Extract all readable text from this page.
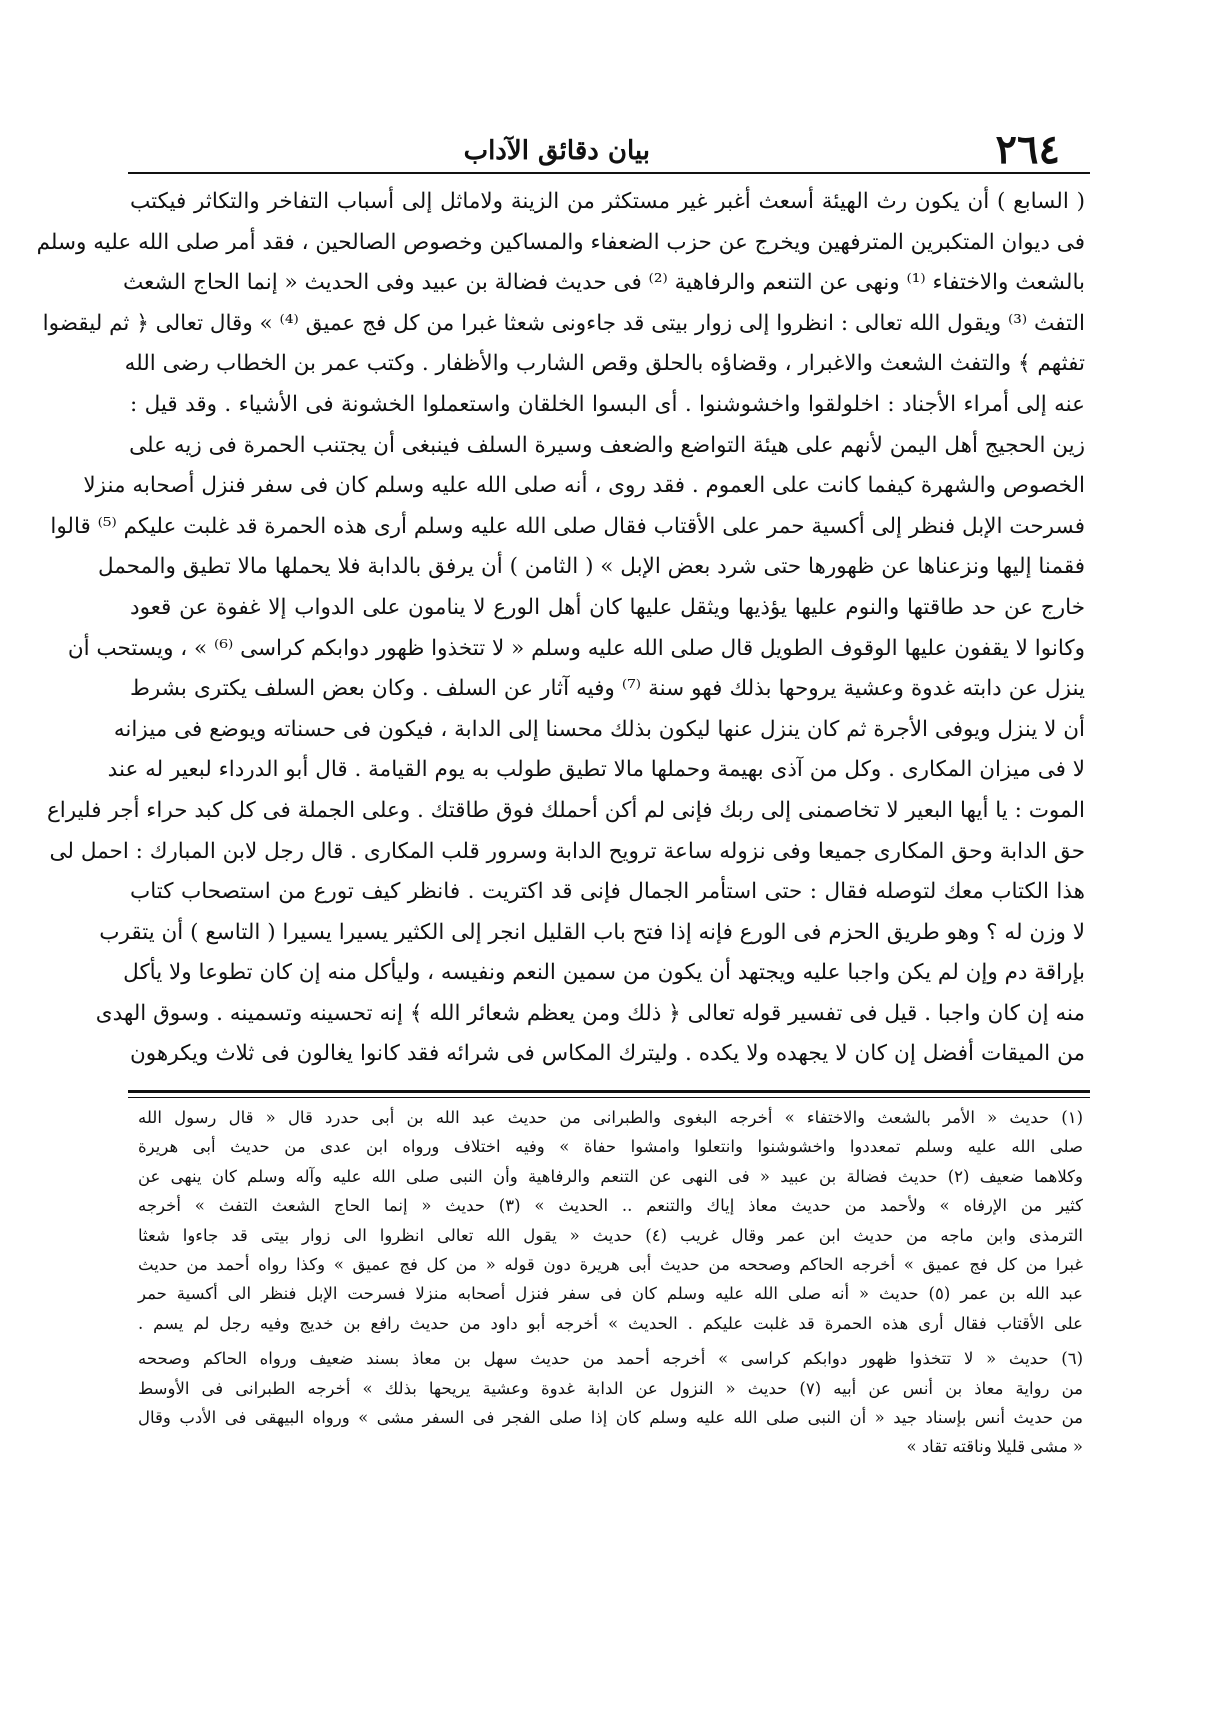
٢٦٤
بيان دقائق الآداب
( السابع ) أن يكون رث الهيئة أسعث أغبر غير مستكثر من الزينة ولاماثل إلى أسباب التفاخر والتكاثر فيكتب
فى ديوان المتكبرين المترفهين ويخرج عن حزب الضعفاء والمساكين وخصوص الصالحين ، فقد أمر صلى الله عليه وسلم
بالشعث والاختفاء ⁽¹⁾ ونهى عن التنعم والرفاهية ⁽²⁾ فى حديث فضالة بن عبيد وفى الحديث « إنما الحاج الشعث
التفث ⁽³⁾ ويقول الله تعالى : انظروا إلى زوار بيتى قد جاءونى شعثا غبرا من كل فج عميق ⁽⁴⁾ » وقال تعالى ﴿ ثم ليقضوا
تفثهم ﴾ والتفث الشعث والاغبرار ، وقضاؤه بالحلق وقص الشارب والأظفار . وكتب عمر بن الخطاب رضى الله
عنه إلى أمراء الأجناد : اخلولقوا واخشوشنوا . أى البسوا الخلقان واستعملوا الخشونة فى الأشياء . وقد قيل :
زين الحجيج أهل اليمن لأنهم على هيئة التواضع والضعف وسيرة السلف فينبغى أن يجتنب الحمرة فى زيه على
الخصوص والشهرة كيفما كانت على العموم . فقد روى ، أنه صلى الله عليه وسلم كان فى سفر فنزل أصحابه منزلا
فسرحت الإبل فنظر إلى أكسية حمر على الأقتاب فقال صلى الله عليه وسلم أرى هذه الحمرة قد غلبت عليكم ⁽⁵⁾ قالوا
فقمنا إليها ونزعناها عن ظهورها حتى شرد بعض الإبل » ( الثامن ) أن يرفق بالدابة فلا يحملها مالا تطيق والمحمل
خارج عن حد طاقتها والنوم عليها يؤذيها ويثقل عليها كان أهل الورع لا ينامون على الدواب إلا غفوة عن قعود
وكانوا لا يقفون عليها الوقوف الطويل قال صلى الله عليه وسلم « لا تتخذوا ظهور دوابكم كراسى ⁽⁶⁾ » ، ويستحب أن
ينزل عن دابته غدوة وعشية يروحها بذلك فهو سنة ⁽⁷⁾ وفيه آثار عن السلف . وكان بعض السلف يكترى بشرط
أن لا ينزل ويوفى الأجرة ثم كان ينزل عنها ليكون بذلك محسنا إلى الدابة ، فيكون فى حسناته ويوضع فى ميزانه
لا فى ميزان المكارى . وكل من آذى بهيمة وحملها مالا تطيق طولب به يوم القيامة . قال أبو الدرداء لبعير له عند
الموت : يا أيها البعير لا تخاصمنى إلى ربك فإنى لم أكن أحملك فوق طاقتك . وعلى الجملة فى كل كبد حراء أجر فليراع
حق الدابة وحق المكارى جميعا وفى نزوله ساعة ترويح الدابة وسرور قلب المكارى . قال رجل لابن المبارك : احمل لى
هذا الكتاب معك لتوصله فقال : حتى استأمر الجمال فإنى قد اكتريت . فانظر كيف تورع من استصحاب كتاب
لا وزن له ؟ وهو طريق الحزم فى الورع فإنه إذا فتح باب القليل انجر إلى الكثير يسيرا يسيرا ( التاسع ) أن يتقرب
بإراقة دم وإن لم يكن واجبا عليه ويجتهد أن يكون من سمين النعم ونفيسه ، وليأكل منه إن كان تطوعا ولا يأكل
منه إن كان واجبا . قيل فى تفسير قوله تعالى ﴿ ذلك ومن يعظم شعائر الله ﴾ إنه تحسينه وتسمينه . وسوق الهدى
من الميقات أفضل إن كان لا يجهده ولا يكده . وليترك المكاس فى شرائه فقد كانوا يغالون فى ثلاث ويكرهون
(١) حديث « الأمر بالشعث والاختفاء » أخرجه البغوى والطبرانى من حديث عبد الله بن أبى حدرد قال « قال رسول الله
صلى الله عليه وسلم تمعددوا واخشوشنوا وانتعلوا وامشوا حفاة » وفيه اختلاف ورواه ابن عدى من حديث أبى هريرة
وكلاهما ضعيف (٢) حديث فضالة بن عبيد « فى النهى عن التنعم والرفاهية وأن النبى صلى الله عليه وآله وسلم كان ينهى عن
كثير من الإرفاه » ولأحمد من حديث معاذ إياك والتنعم .. الحديث » (٣) حديث « إنما الحاج الشعث التفث » أخرجه
الترمذى وابن ماجه من حديث ابن عمر وقال غريب (٤) حديث « يقول الله تعالى انظروا الى زوار بيتى قد جاءوا شعثا
غبرا من كل فج عميق » أخرجه الحاكم وصححه من حديث أبى هريرة دون قوله « من كل فج عميق » وكذا رواه أحمد من حديث
عبد الله بن عمر (٥) حديث « أنه صلى الله عليه وسلم كان فى سفر فنزل أصحابه منزلا فسرحت الإبل فنظر الى أكسية حمر
على الأقتاب فقال أرى هذه الحمرة قد غلبت عليكم . الحديث » أخرجه أبو داود من حديث رافع بن خديج وفيه رجل لم يسم .
(٦) حديث « لا تتخذوا ظهور دوابكم كراسى » أخرجه أحمد من حديث سهل بن معاذ بسند ضعيف ورواه الحاكم وصححه
من رواية معاذ بن أنس عن أبيه (٧) حديث « النزول عن الدابة غدوة وعشية يريحها بذلك » أخرجه الطبرانى فى الأوسط
من حديث أنس بإسناد جيد « أن النبى صلى الله عليه وسلم كان إذا صلى الفجر فى السفر مشى » ورواه البيهقى فى الأدب وقال
« مشى قليلا وناقته تقاد »
